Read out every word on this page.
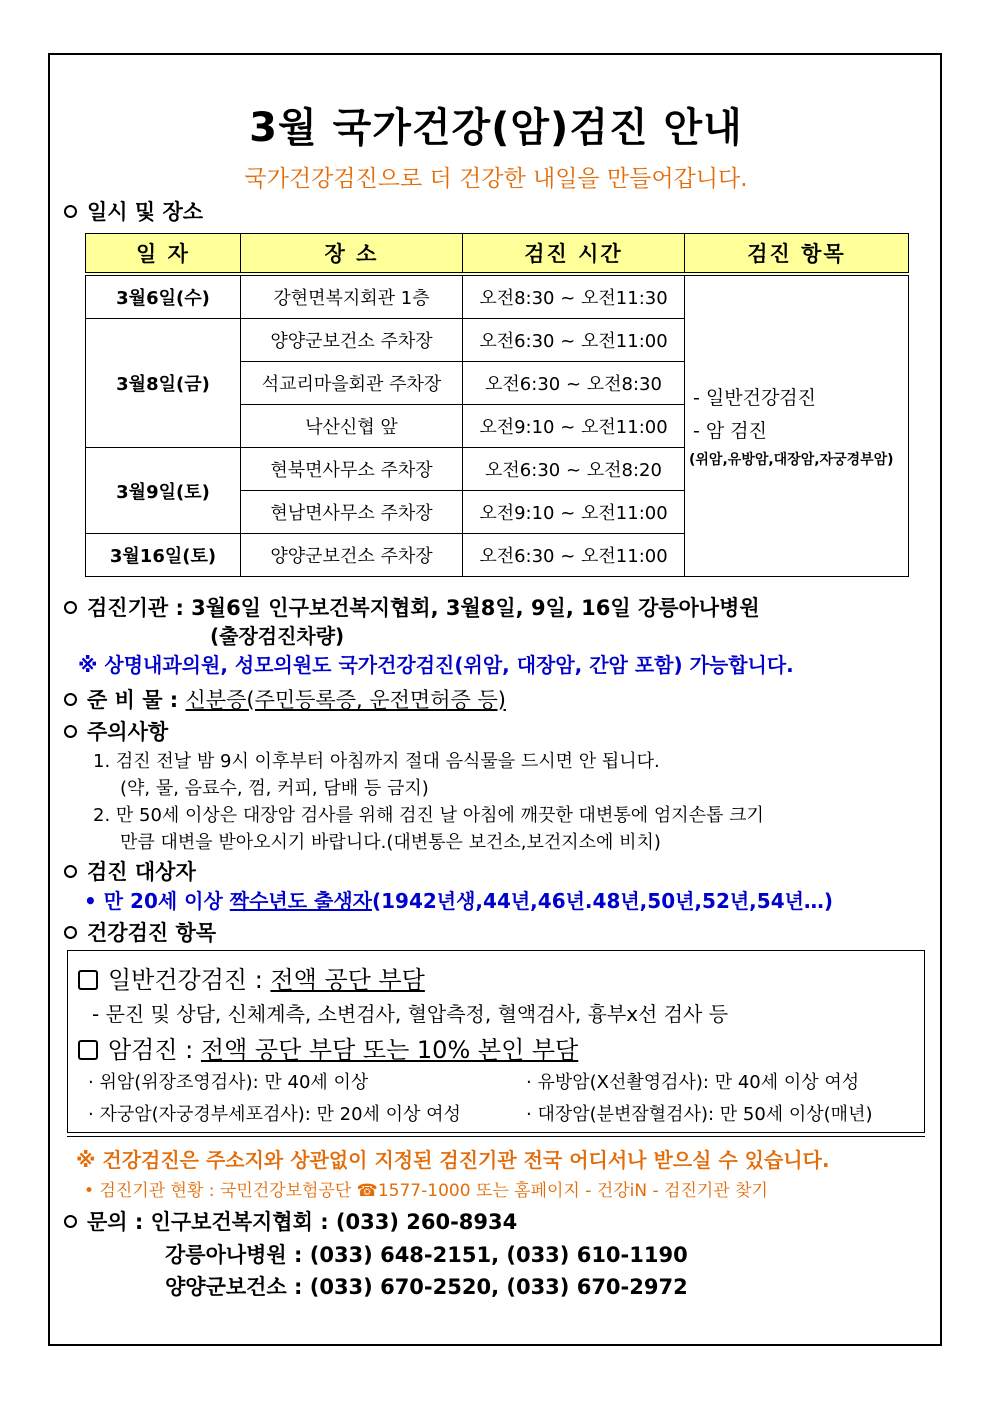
3월 국가건강(암)검진 안내
국가건강검진으로 더 건강한 내일을 만들어갑니다.
일시 및 장소
일 자	장 소	검진 시간	검진 항목
3월6일(수)	강현면복지회관 1층	오전8:30 ~ 오전11:30	- 일반건강검진
- 암 검진
(위암,유방암,대장암,자궁경부암)

3월8일(금)	양양군보건소 주차장	오전6:30 ~ 오전11:00	
	석교리마을회관 주차장	오전6:30 ~ 오전8:30	
	낙산신협 앞	오전9:10 ~ 오전11:00	
3월9일(토)	현북면사무소 주차장	오전6:30 ~ 오전8:20	
	현남면사무소 주차장	오전9:10 ~ 오전11:00	
3월16일(토)	양양군보건소 주차장	오전6:30 ~ 오전11:00	
검진기관 : 3월6일 인구보건복지협회, 3월8일, 9일, 16일 강릉아나병원
(출장검진차량)
※ 상명내과의원, 성모의원도 국가건강검진(위암, 대장암, 간암 포함) 가능합니다.
준 비 물 : 신분증(주민등록증, 운전면허증 등)
주의사항
1. 검진 전날 밤 9시 이후부터 아침까지 절대 음식물을 드시면 안 됩니다.
(약, 물, 음료수, 껌, 커피, 담배 등 금지)
2. 만 50세 이상은 대장암 검사를 위해 검진 날 아침에 깨끗한 대변통에 엄지손톱 크기
만큼 대변을 받아오시기 바랍니다.(대변통은 보건소,보건지소에 비치)
검진 대상자
• 만 20세 이상 짝수년도 출생자(1942년생,44년,46년.48년,50년,52년,54년…)
건강검진 항목
일반건강검진 : 전액 공단 부담
- 문진 및 상담, 신체계측, 소변검사, 혈압측정, 혈액검사, 흉부x선 검사 등
암검진 : 전액 공단 부담 또는 10% 본인 부담
· 위암(위장조영검사): 만 40세 이상	· 유방암(X선촬영검사): 만 40세 이상 여성
· 자궁암(자궁경부세포검사): 만 20세 이상 여성	· 대장암(분변잠혈검사): 만 50세 이상(매년)
※ 건강검진은 주소지와 상관없이 지정된 검진기관 전국 어디서나 받으실 수 있습니다.
• 검진기관 현황 : 국민건강보험공단 ☎1577-1000 또는 홈페이지 - 건강iN - 검진기관 찾기
문의 : 인구보건복지협회 : (033) 260-8934
강릉아나병원 : (033) 648-2151, (033) 610-1190
양양군보건소 : (033) 670-2520, (033) 670-2972
